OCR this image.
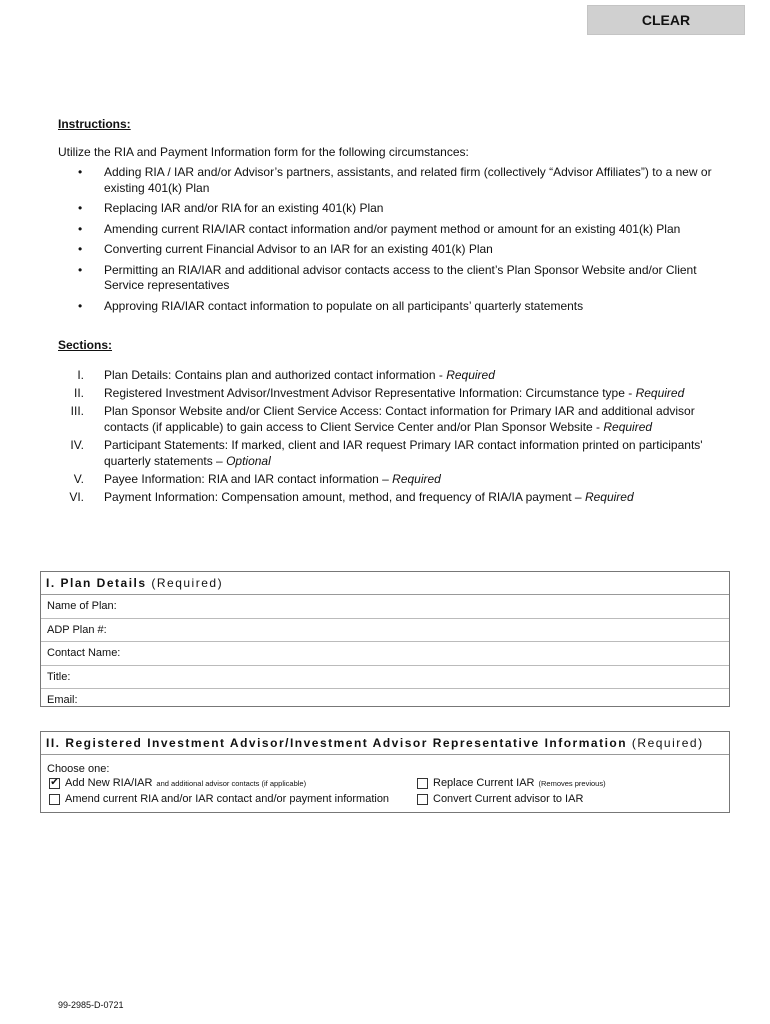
CLEAR
Instructions:
Utilize the RIA and Payment Information form for the following circumstances:
• Adding RIA / IAR and/or Advisor’s partners, assistants, and related firm (collectively “Advisor Affiliates”) to a new or existing 401(k) Plan
• Replacing IAR and/or RIA for an existing 401(k) Plan
• Amending current RIA/IAR contact information and/or payment method or amount for an existing 401(k) Plan
• Converting current Financial Advisor to an IAR for an existing 401(k) Plan
• Permitting an RIA/IAR and additional advisor contacts access to the client’s Plan Sponsor Website and/or Client Service representatives
• Approving RIA/IAR contact information to populate on all participants’ quarterly statements
Sections:
I. Plan Details: Contains plan and authorized contact information - Required
II. Registered Investment Advisor/Investment Advisor Representative Information: Circumstance type - Required
III. Plan Sponsor Website and/or Client Service Access: Contact information for Primary IAR and additional advisor contacts (if applicable) to gain access to Client Service Center and/or Plan Sponsor Website - Required
IV. Participant Statements: If marked, client and IAR request Primary IAR contact information printed on participants' quarterly statements – Optional
V. Payee Information: RIA and IAR contact information – Required
VI. Payment Information: Compensation amount, method, and frequency of RIA/IA payment – Required
I. Plan Details (Required)
Name of Plan:
ADP Plan #:
Contact Name:
Title:
Email:
II. Registered Investment Advisor/Investment Advisor Representative Information (Required)
Choose one:
✔ Add New RIA/IAR and additional advisor contacts (if applicable)	Replace Current IAR (Removes previous)
Amend current RIA and/or IAR contact and/or payment information	Convert Current advisor to IAR
99-2985-D-0721
